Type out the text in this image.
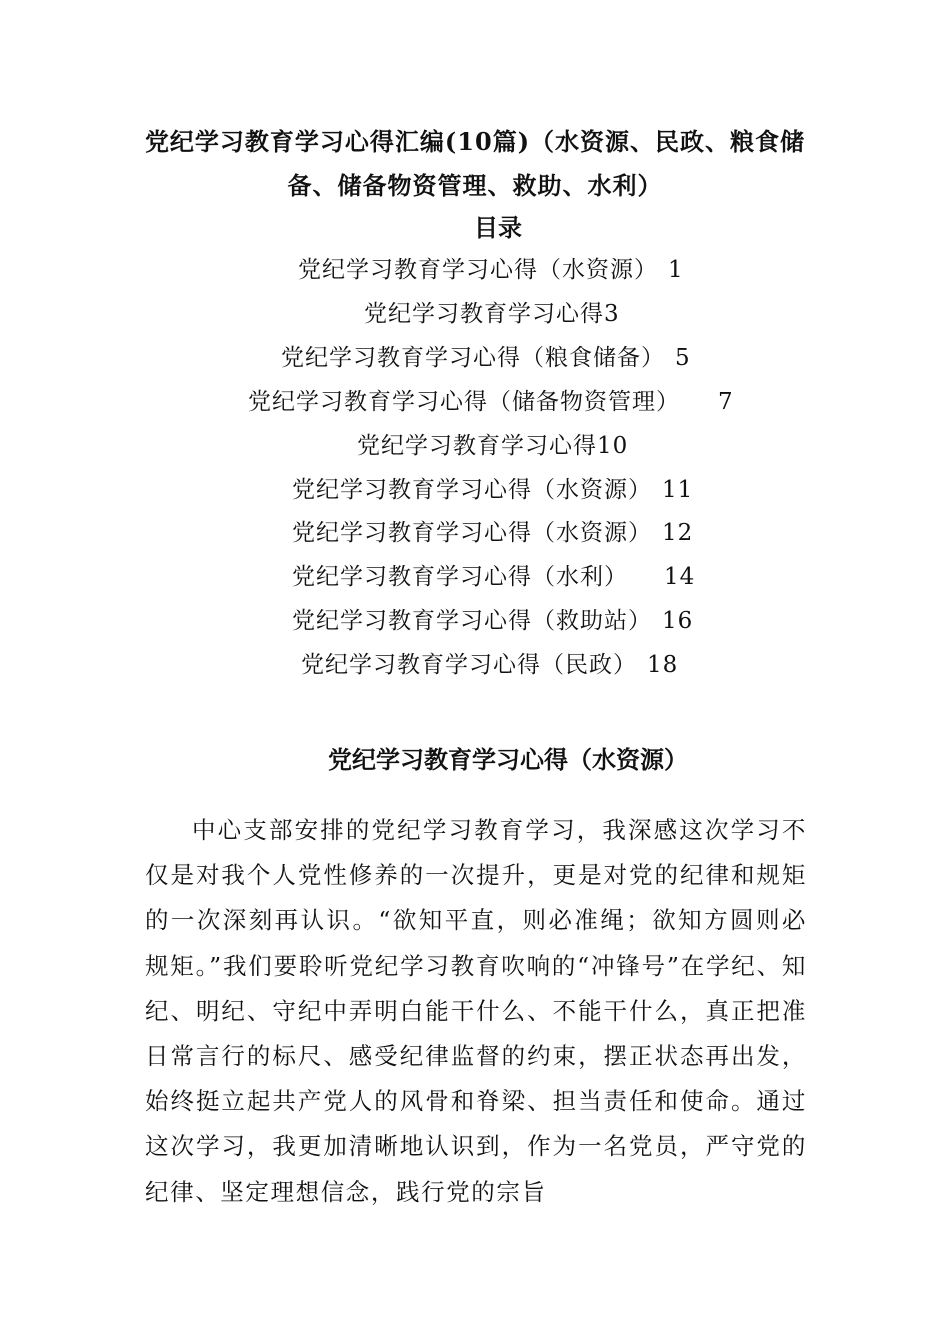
党纪学习教育学习心得汇编(10篇)（水资源、民政、粮食储备、储备物资管理、救助、水利）
目录
党纪学习教育学习心得（水资源） 1
党纪学习教育学习心得3
党纪学习教育学习心得（粮食储备） 5
党纪学习教育学习心得（储备物资管理） 7
党纪学习教育学习心得10
党纪学习教育学习心得（水资源） 11
党纪学习教育学习心得（水资源） 12
党纪学习教育学习心得（水利） 14
党纪学习教育学习心得（救助站） 16
党纪学习教育学习心得（民政） 18
党纪学习教育学习心得（水资源）
中心支部安排的党纪学习教育学习，我深感这次学习不仅是对我个人党性修养的一次提升，更是对党的纪律和规矩的一次深刻再认识。“欲知平直，则必准绳；欲知方圆则必规矩。”我们要聆听党纪学习教育吹响的“冲锋号”在学纪、知纪、明纪、守纪中弄明白能干什么、不能干什么，真正把准日常言行的标尺、感受纪律监督的约束，摆正状态再出发，始终挺立起共产党人的风骨和脊梁、担当责任和使命。通过这次学习，我更加清晰地认识到，作为一名党员，严守党的纪律、坚定理想信念，践行党的宗旨
